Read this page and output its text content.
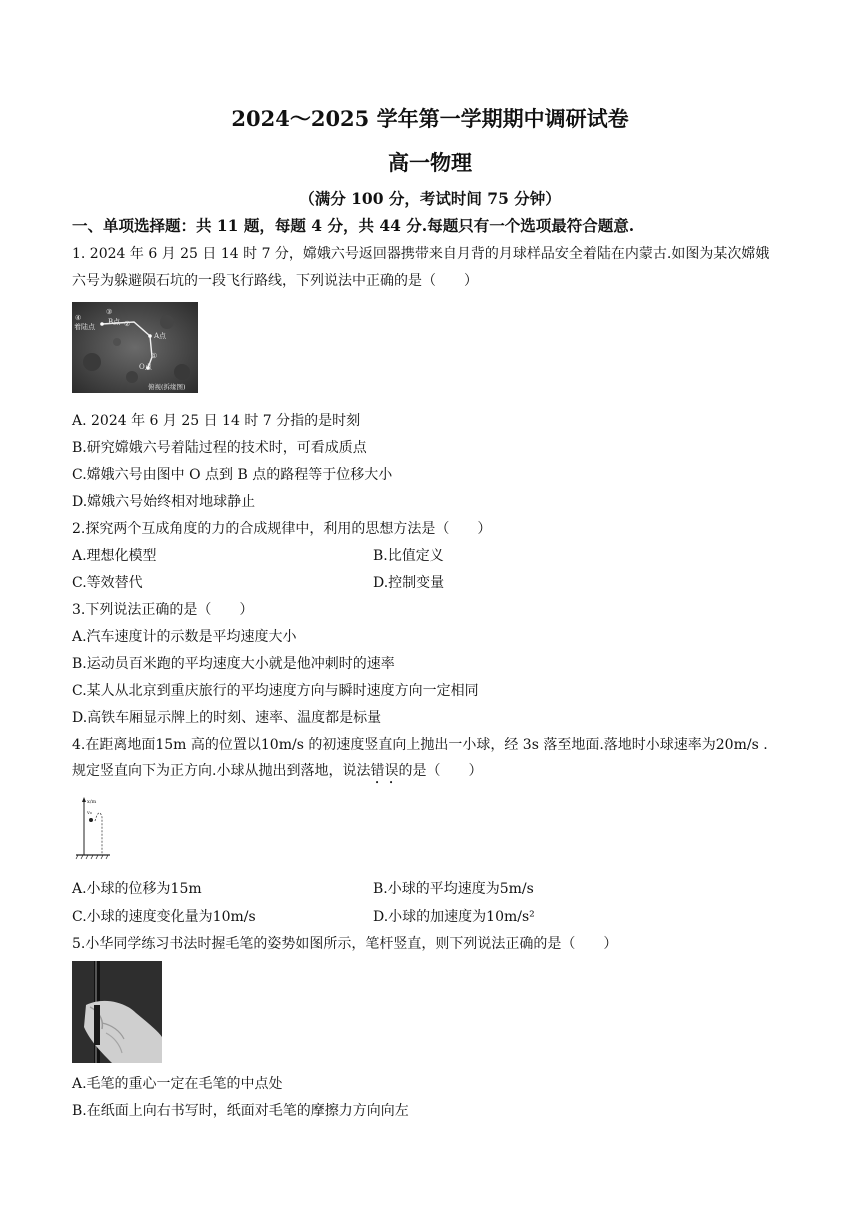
2024～2025 学年第一学期期中调研试卷
高一物理
（满分 100 分，考试时间 75 分钟）
一、单项选择题：共 11 题，每题 4 分，共 44 分.每题只有一个选项最符合题意.
1. 2024 年 6 月 25 日 14 时 7 分，嫦娥六号返回器携带来自月背的月球样品安全着陆在内蒙古.如图为某次嫦娥
六号为躲避陨石坑的一段飞行路线，下列说法中正确的是（　　）
着陆点
④
③
B点 ②
A点
①
O点
俯视(拆缘图)
A. 2024 年 6 月 25 日 14 时 7 分指的是时刻
B.研究嫦娥六号着陆过程的技术时，可看成质点
C.嫦娥六号由图中 O 点到 B 点的路程等于位移大小
D.嫦娥六号始终相对地球静止
2.探究两个互成角度的力的合成规律中，利用的思想方法是（　　）
A.理想化模型	B.比值定义
C.等效替代	D.控制变量
3.下列说法正确的是（　　）
A.汽车速度计的示数是平均速度大小
B.运动员百米跑的平均速度大小就是他冲刺时的速率
C.某人从北京到重庆旅行的平均速度方向与瞬时速度方向一定相同
D.高铁车厢显示牌上的时刻、速率、温度都是标量
4.在距离地面15m 高的位置以10m/s 的初速度竖直向上抛出一小球，经 3s 落至地面.落地时小球速率为20m/s .
规定竖直向下为正方向.小球从抛出到落地，说法错误的是（　　）
x/m
v₀
A.小球的位移为15m	B.小球的平均速度为5m/s
C.小球的速度变化量为10m/s	D.小球的加速度为10m/s²
5.小华同学练习书法时握毛笔的姿势如图所示，笔杆竖直，则下列说法正确的是（　　）
A.毛笔的重心一定在毛笔的中点处
B.在纸面上向右书写时，纸面对毛笔的摩擦力方向向左
